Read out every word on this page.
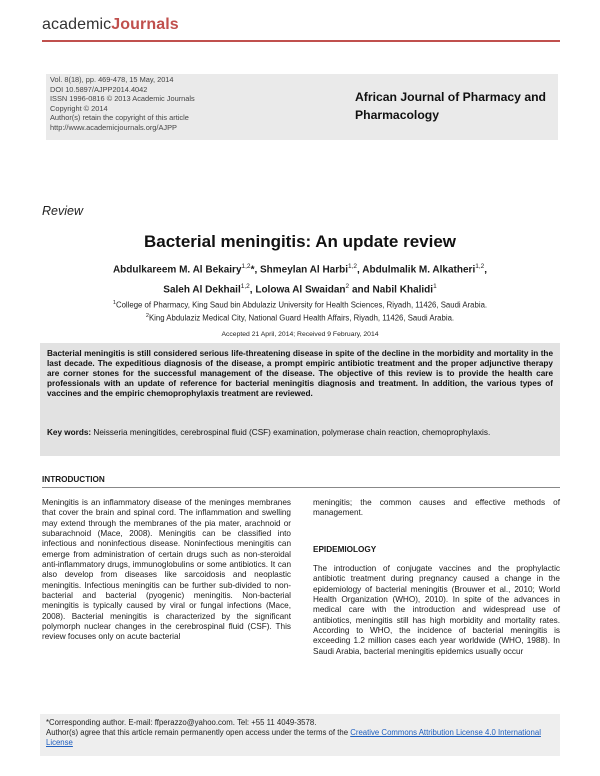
academicJournals
Vol. 8(18), pp. 469-478, 15 May, 2014
DOI 10.5897/AJPP2014.4042
ISSN 1996-0816 © 2013 Academic Journals
Copyright © 2014
Author(s) retain the copyright of this article
http://www.academicjournals.org/AJPP
African Journal of Pharmacy and Pharmacology
Review
Bacterial meningitis: An update review
Abdulkareem M. Al Bekairy$^{1,2}$*, Shmeylan Al Harbi$^{1,2}$, Abdulmalik M. Alkatheri$^{1,2}$,
Saleh Al Dekhail$^{1,2}$, Lolowa Al Swaidan$^2$ and Nabil Khalidi$^1$
$^1$College of Pharmacy, King Saud bin Abdulaziz University for Health Sciences, Riyadh, 11426, Saudi Arabia.
$^2$King Abdulaziz Medical City, National Guard Health Affairs, Riyadh, 11426, Saudi Arabia.
Accepted 21 April, 2014; Received 9 February, 2014
Bacterial meningitis is still considered serious life-threatening disease in spite of the decline in the morbidity and mortality in the last decade. The expeditious diagnosis of the disease, a prompt empiric antibiotic treatment and the proper adjunctive therapy are corner stones for the successful management of the disease. The objective of this review is to provide the health care professionals with an update of reference for bacterial meningitis diagnosis and treatment. In addition, the various types of vaccines and the empiric chemoprophylaxis treatment are reviewed.
Key words: Neisseria meningitides, cerebrospinal fluid (CSF) examination, polymerase chain reaction, chemoprophylaxis.
INTRODUCTION
Meningitis is an inflammatory disease of the meninges membranes that cover the brain and spinal cord. The inflammation and swelling may extend through the membranes of the pia mater, arachnoid or subarachnoid (Mace, 2008). Meningitis can be classified into infectious and noninfectious disease. Noninfectious meningitis can emerge from administration of certain drugs such as non-steroidal anti-inflammatory drugs, immunoglobulins or some antibiotics. It can also develop from diseases like sarcoidosis and neoplastic meningitis. Infectious meningitis can be further sub-divided to non-bacterial and bacterial (pyogenic) meningitis. Non-bacterial meningitis is typically caused by viral or fungal infections (Mace, 2008). Bacterial meningitis is characterized by the significant polymorph nuclear changes in the cerebrospinal fluid (CSF). This review focuses only on acute bacterial
meningitis; the common causes and effective methods of management.
EPIDEMIOLOGY
The introduction of conjugate vaccines and the prophylactic antibiotic treatment during pregnancy caused a change in the epidemiology of bacterial meningitis (Brouwer et al., 2010; World Health Organization (WHO), 2010). In spite of the advances in medical care with the introduction and widespread use of antibiotics, meningitis still has high morbidity and mortality rates. According to WHO, the incidence of bacterial meningitis is exceeding 1.2 million cases each year worldwide (WHO, 1988). In Saudi Arabia, bacterial meningitis epidemics usually occur
*Corresponding author. E-mail: ffperazzo@yahoo.com. Tel: +55 11 4049-3578.
Author(s) agree that this article remain permanently open access under the terms of the Creative Commons Attribution License 4.0 International License
